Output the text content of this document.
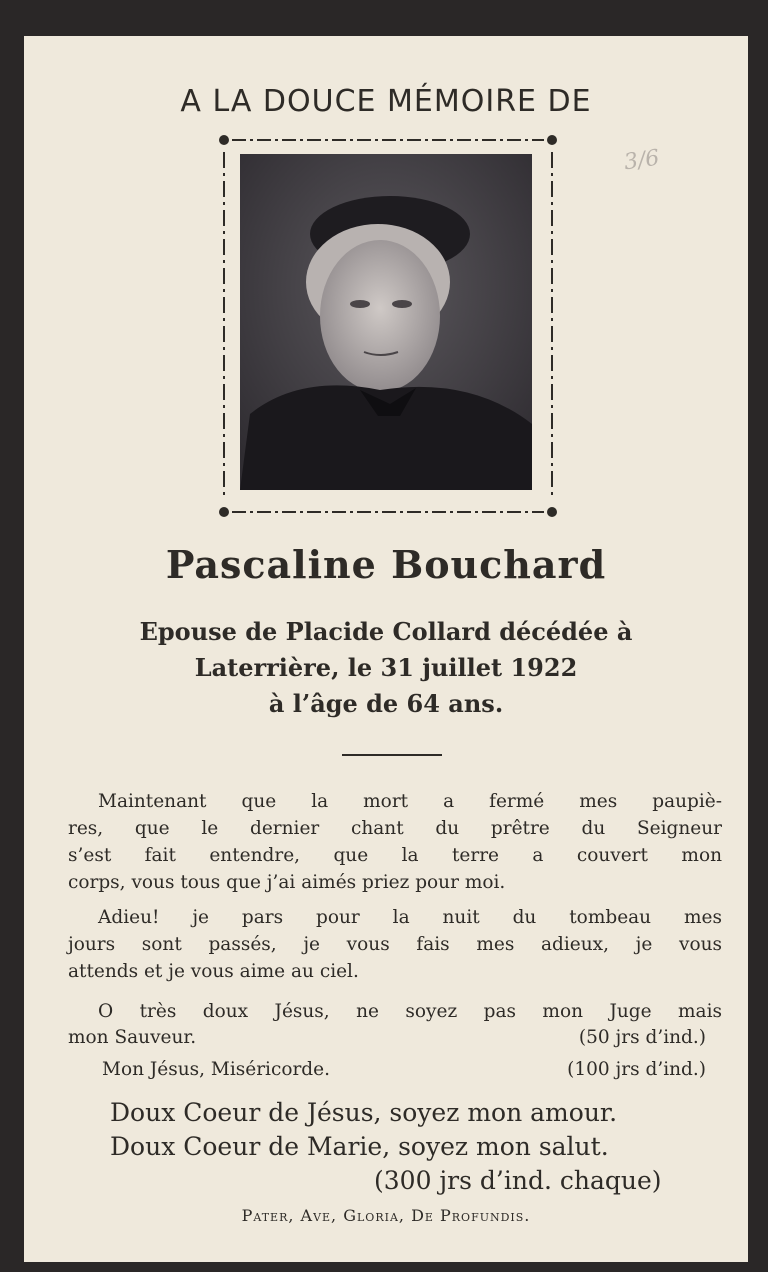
A LA DOUCE MÉMOIRE DE
Pascaline Bouchard
Epouse de Placide Collard décédée à
Laterrière, le 31 juillet 1922
à l’âge de 64 ans.
Maintenant que la mort a fermé mes paupiè-
res, que le dernier chant du prêtre du Seigneur
s’est fait entendre, que la terre a couvert mon
corps, vous tous que j’ai aimés priez pour moi.
Adieu! je pars pour la nuit du tombeau mes
jours sont passés, je vous fais mes adieux, je vous
attends et je vous aime au ciel.
O très doux Jésus, ne soyez pas mon Juge mais
mon Sauveur.	(50 jrs d’ind.)
Mon Jésus, Miséricorde.	(100 jrs d’ind.)
Doux Coeur de Jésus, soyez mon amour.
Doux Coeur de Marie, soyez mon salut.
(300 jrs d’ind. chaque)
Pater, Ave, Gloria, De Profundis.
3/6
